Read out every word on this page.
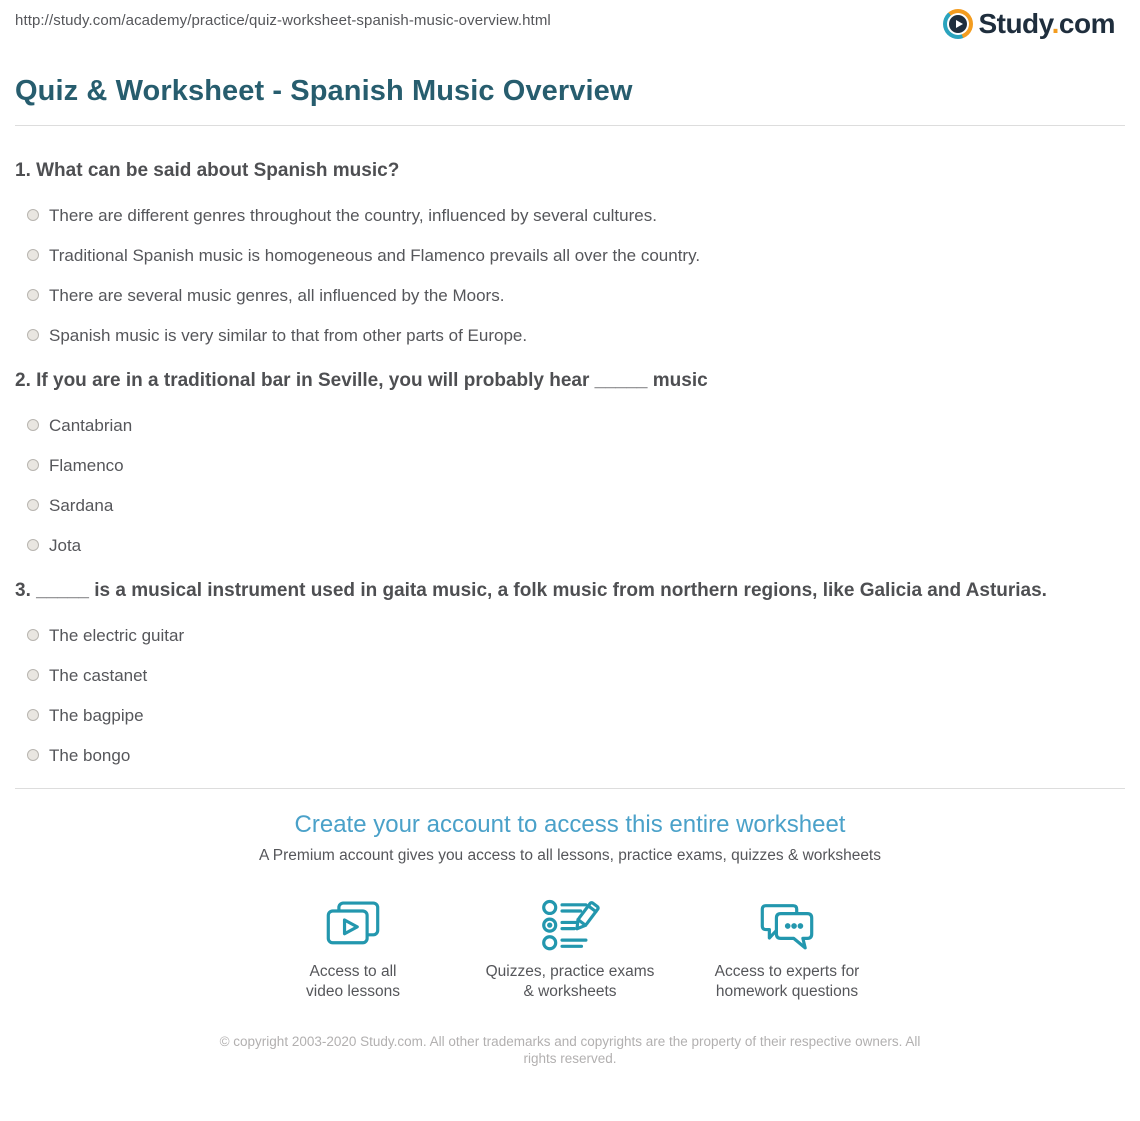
http://study.com/academy/practice/quiz-worksheet-spanish-music-overview.html	Study.com
Quiz & Worksheet - Spanish Music Overview
1. What can be said about Spanish music?
There are different genres throughout the country, influenced by several cultures.
Traditional Spanish music is homogeneous and Flamenco prevails all over the country.
There are several music genres, all influenced by the Moors.
Spanish music is very similar to that from other parts of Europe.
2. If you are in a traditional bar in Seville, you will probably hear _____ music
Cantabrian
Flamenco
Sardana
Jota
3. _____ is a musical instrument used in gaita music, a folk music from northern regions, like Galicia and Asturias.
The electric guitar
The castanet
The bagpipe
The bongo
Create your account to access this entire worksheet
A Premium account gives you access to all lessons, practice exams, quizzes & worksheets
Access to all
video lessons
Quizzes, practice exams
& worksheets
Access to experts for
homework questions
© copyright 2003-2020 Study.com. All other trademarks and copyrights are the property of their respective owners. All rights reserved.
